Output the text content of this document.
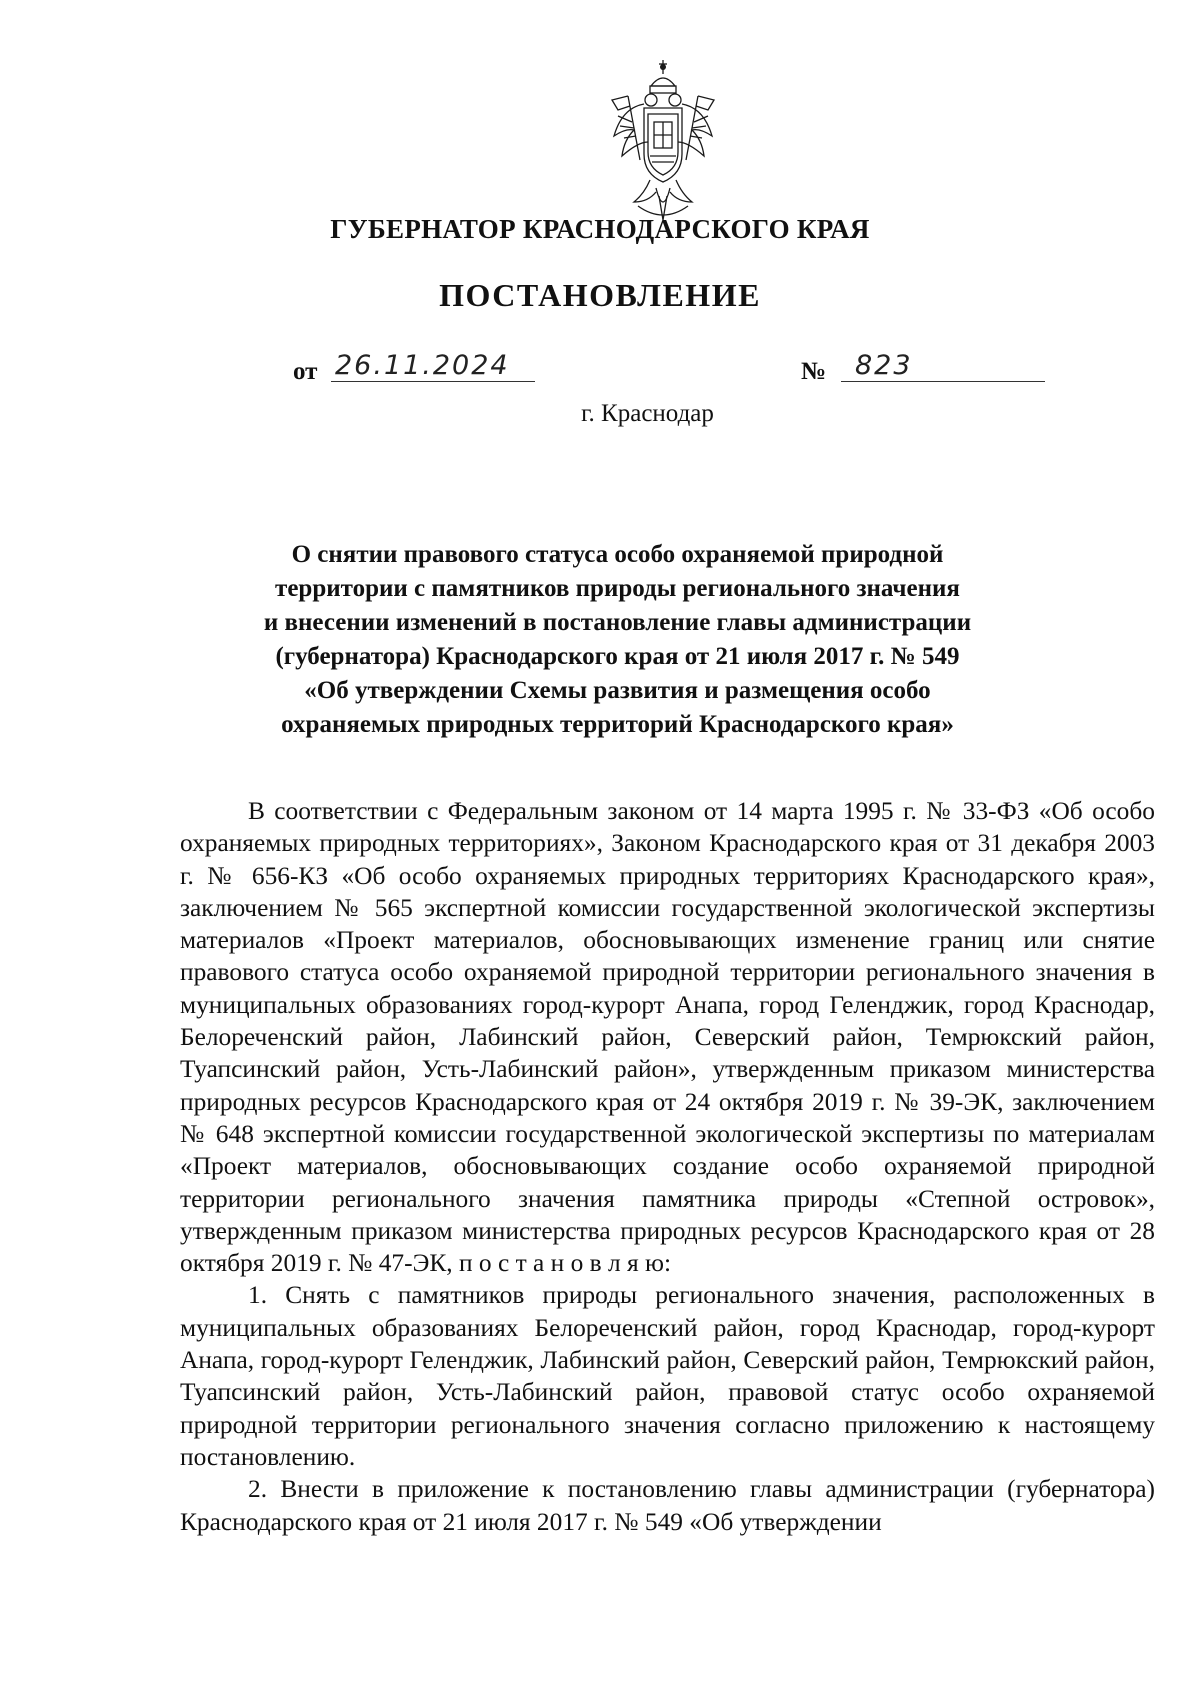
ГУБЕРНАТОР КРАСНОДАРСКОГО КРАЯ
ПОСТАНОВЛЕНИЕ
от 26.11.2024	№	823
г. Краснодар
О снятии правового статуса особо охраняемой природной
территории с памятников природы регионального значения
и внесении изменений в постановление главы администрации
(губернатора) Краснодарского края от 21 июля 2017 г. № 549
«Об утверждении Схемы развития и размещения особо
охраняемых природных территорий Краснодарского края»

В соответствии с Федеральным законом от 14 марта 1995 г. № 33-ФЗ «Об особо охраняемых природных территориях», Законом Краснодарского края от 31 декабря 2003 г. № 656-КЗ «Об особо охраняемых природных территориях Краснодарского края», заключением № 565 экспертной комиссии государственной экологической экспертизы материалов «Проект материалов, обосновывающих изменение границ или снятие правового статуса особо охраняемой природной территории регионального значения в муниципальных образованиях город-курорт Анапа, город Геленджик, город Краснодар, Белореченский район, Лабинский район, Северский район, Темрюкский район, Туапсинский район, Усть-Лабинский район», утвержденным приказом министерства природных ресурсов Краснодарского края от 24 октября 2019 г. № 39-ЭК, заключением № 648 экспертной комиссии государственной экологической экспертизы по материалам «Проект материалов, обосновывающих создание особо охраняемой природной территории регионального значения памятника природы «Степной островок», утвержденным приказом министерства природных ресурсов Краснодарского края от 28 октября 2019 г. № 47-ЭК, п о с т а н о в л я ю:

1. Снять с памятников природы регионального значения, расположенных в муниципальных образованиях Белореченский район, город Краснодар, город-курорт Анапа, город-курорт Геленджик, Лабинский район, Северский район, Темрюкский район, Туапсинский район, Усть-Лабинский район, правовой статус особо охраняемой природной территории регионального значения согласно приложению к настоящему постановлению.

2. Внести в приложение к постановлению главы администрации (губернатора) Краснодарского края от 21 июля 2017 г. № 549 «Об утверждении
